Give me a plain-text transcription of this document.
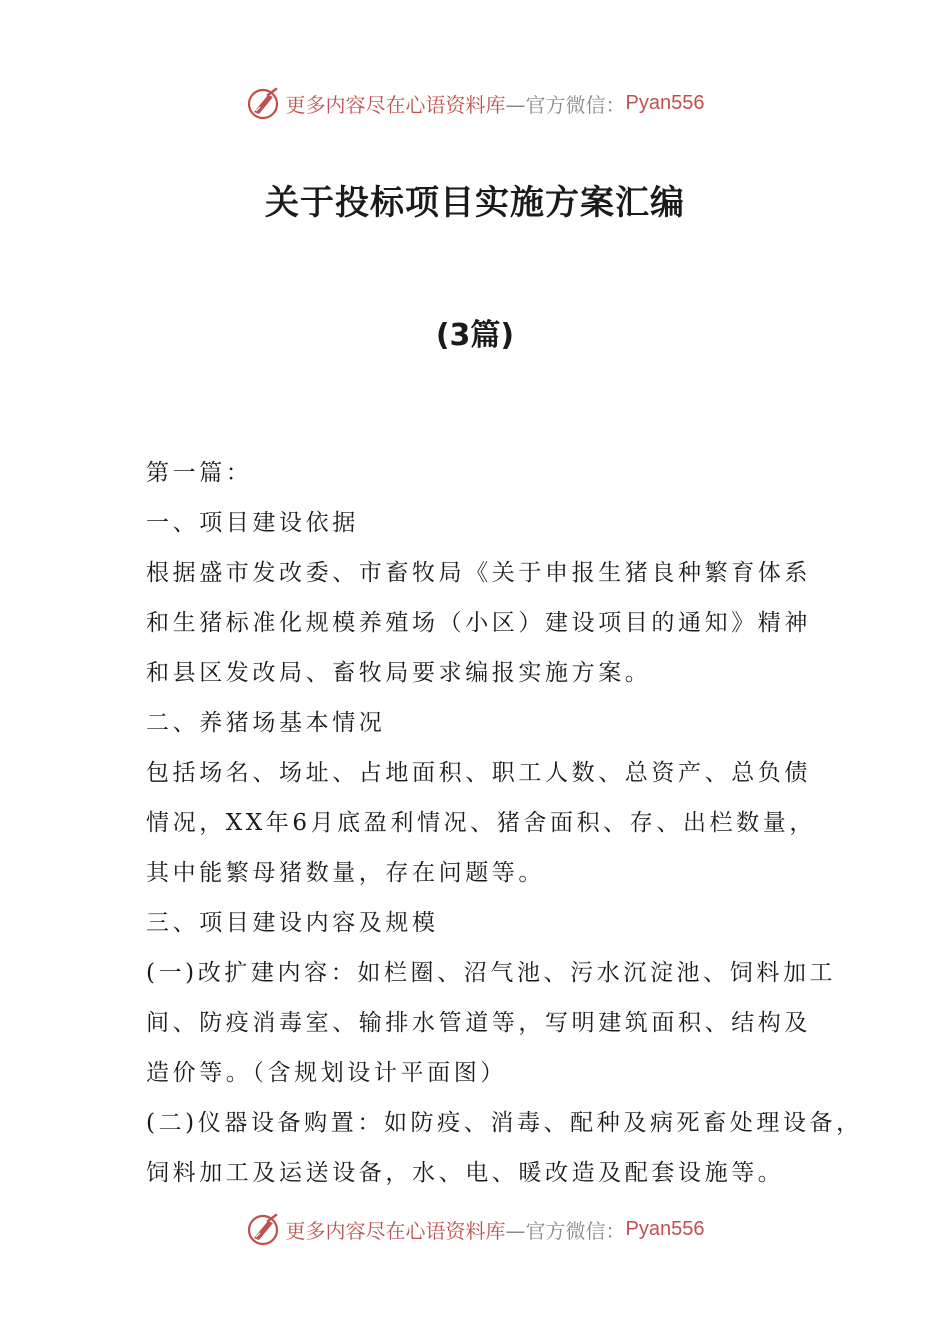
更多内容尽在心语资料库 —官方微信： Pyan556
关于投标项目实施方案汇编
(3篇)

第一篇：

一、项目建设依据

根据盛市发改委、市畜牧局《关于申报生猪良种繁育体系

和生猪标准化规模养殖场（小区）建设项目的通知》精神

和县区发改局、畜牧局要求编报实施方案。

二、养猪场基本情况

包括场名、场址、占地面积、职工人数、总资产、总负债

情况，XX年6月底盈利情况、猪舍面积、存、出栏数量，

其中能繁母猪数量，存在问题等。

三、项目建设内容及规模

(一)改扩建内容：如栏圈、沼气池、污水沉淀池、饲料加工

间、防疫消毒室、输排水管道等，写明建筑面积、结构及

造价等。（含规划设计平面图）

(二)仪器设备购置：如防疫、消毒、配种及病死畜处理设备，

饲料加工及运送设备，水、电、暖改造及配套设施等。

更多内容尽在心语资料库 —官方微信： Pyan556
